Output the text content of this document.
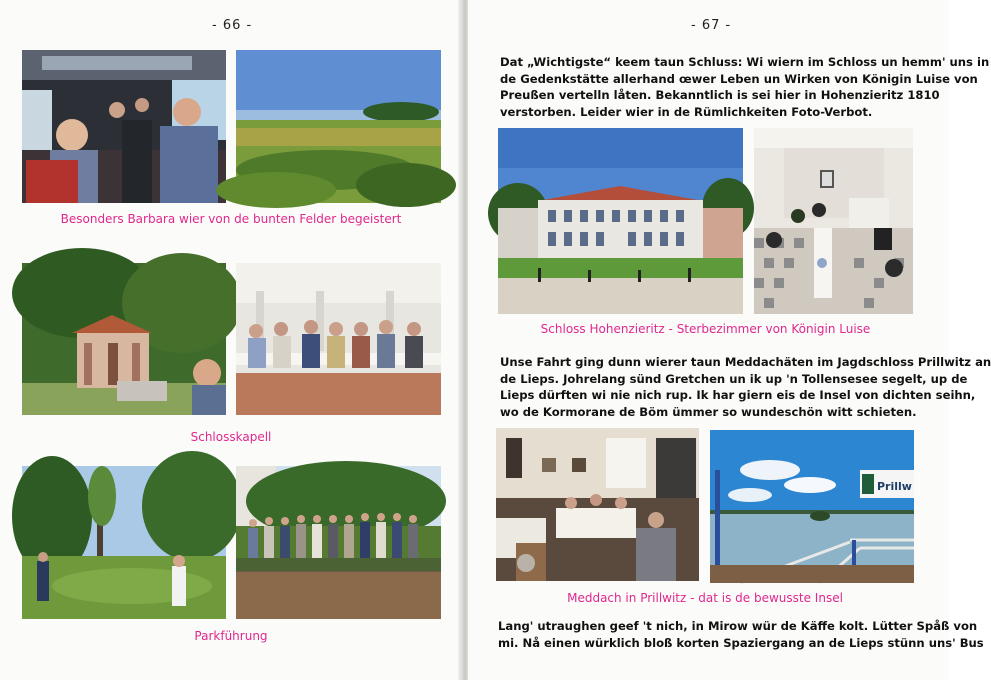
- 66 -
Besonders Barbara wier von de bunten Felder begeistert
Schlosskapell
Parkführung
- 67 -
Dat „Wichtigste“ keem taun Schluss: Wi wiern im Schloss un hemm' uns in
de Gedenkstätte allerhand œwer Leben un Wirken von Königin Luise von
Preußen vertelln låten. Bekanntlich is sei hier in Hohenzieritz 1810
verstorben. Leider wier in de Rümlichkeiten Foto-Verbot.
Schloss Hohenzieritz - Sterbezimmer von Königin Luise
Unse Fahrt ging dunn wierer taun Meddachäten im Jagdschloss Prillwitz an
de Lieps. Johrelang sünd Gretchen un ik up 'n Tollensesee segelt, up de
Lieps dürften wi nie nich rup. Ik har giern eis de Insel von dichten seihn,
wo de Kormorane de Böm ümmer so wundeschön witt schieten.
Prillw
Meddach in Prillwitz - dat is de bewusste Insel
Lang' utraughen geef 't nich, in Mirow wür de Käffe kolt. Lütter Spåß von
mi. Nå einen würklich bloß korten Spaziergang an de Lieps stünn uns' Bus
